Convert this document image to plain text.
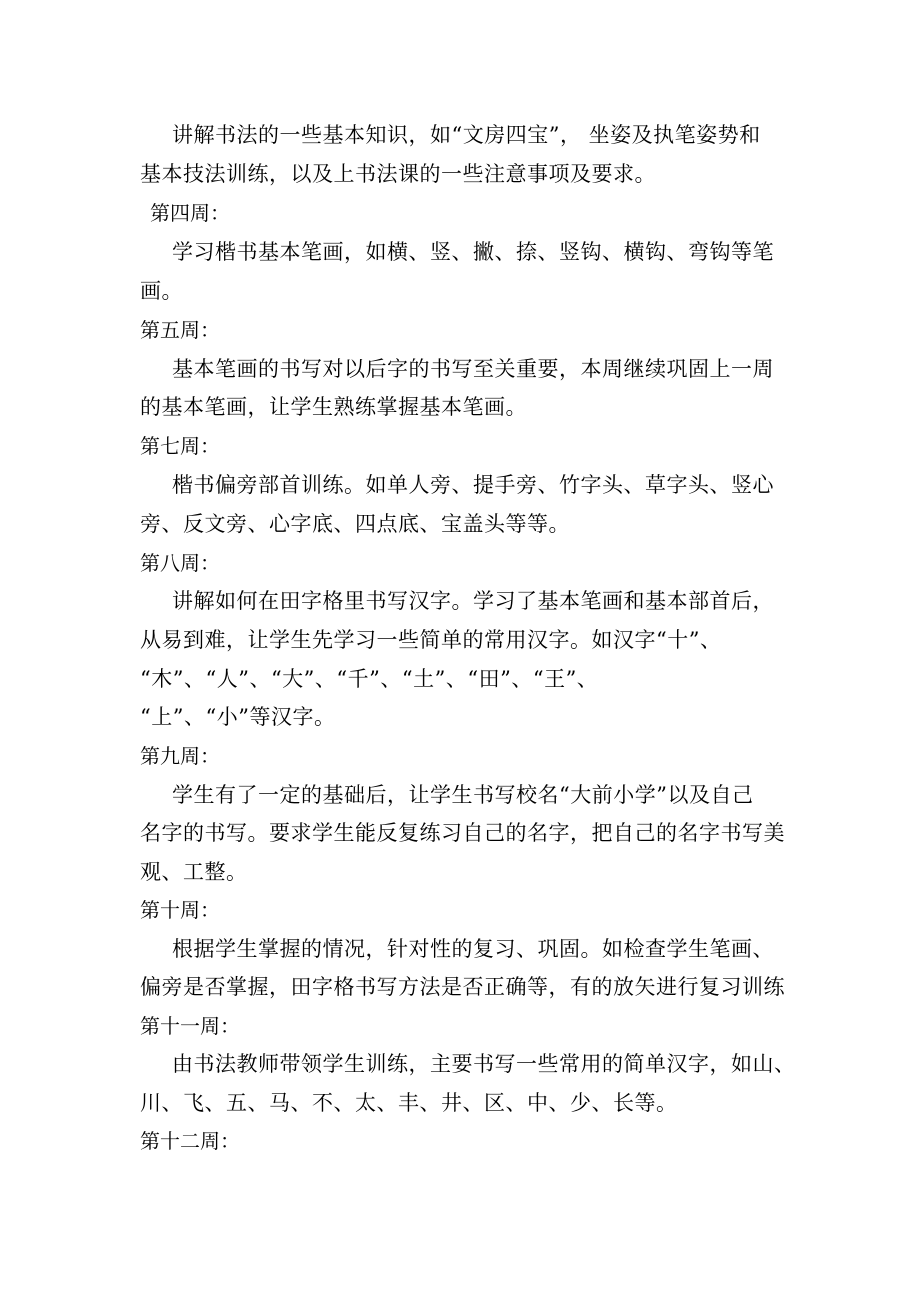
讲解书法的一些基本知识，如“文房四宝”， 坐姿及执笔姿势和
基本技法训练，以及上书法课的一些注意事项及要求。
第四周：
学习楷书基本笔画，如横、竖、撇、捺、竖钩、横钩、弯钩等笔
画。
第五周：
基本笔画的书写对以后字的书写至关重要，本周继续巩固上一周
的基本笔画，让学生熟练掌握基本笔画。
第七周：
楷书偏旁部首训练。如单人旁、提手旁、竹字头、草字头、竖心
旁、反文旁、心字底、四点底、宝盖头等等。
第八周：
讲解如何在田字格里书写汉字。学习了基本笔画和基本部首后，
从易到难，让学生先学习一些简单的常用汉字。如汉字“十”、
“木”、“人”、“大”、“千”、“土”、“田”、“王”、
“上”、“小”等汉字。
第九周：
学生有了一定的基础后，让学生书写校名“大前小学”以及自己
名字的书写。要求学生能反复练习自己的名字，把自己的名字书写美
观、工整。
第十周：
根据学生掌握的情况，针对性的复习、巩固。如检查学生笔画、
偏旁是否掌握，田字格书写方法是否正确等，有的放矢进行复习训练
第十一周：
由书法教师带领学生训练，主要书写一些常用的简单汉字，如山、
川、飞、五、马、不、太、丰、井、区、中、少、长等。
第十二周：
